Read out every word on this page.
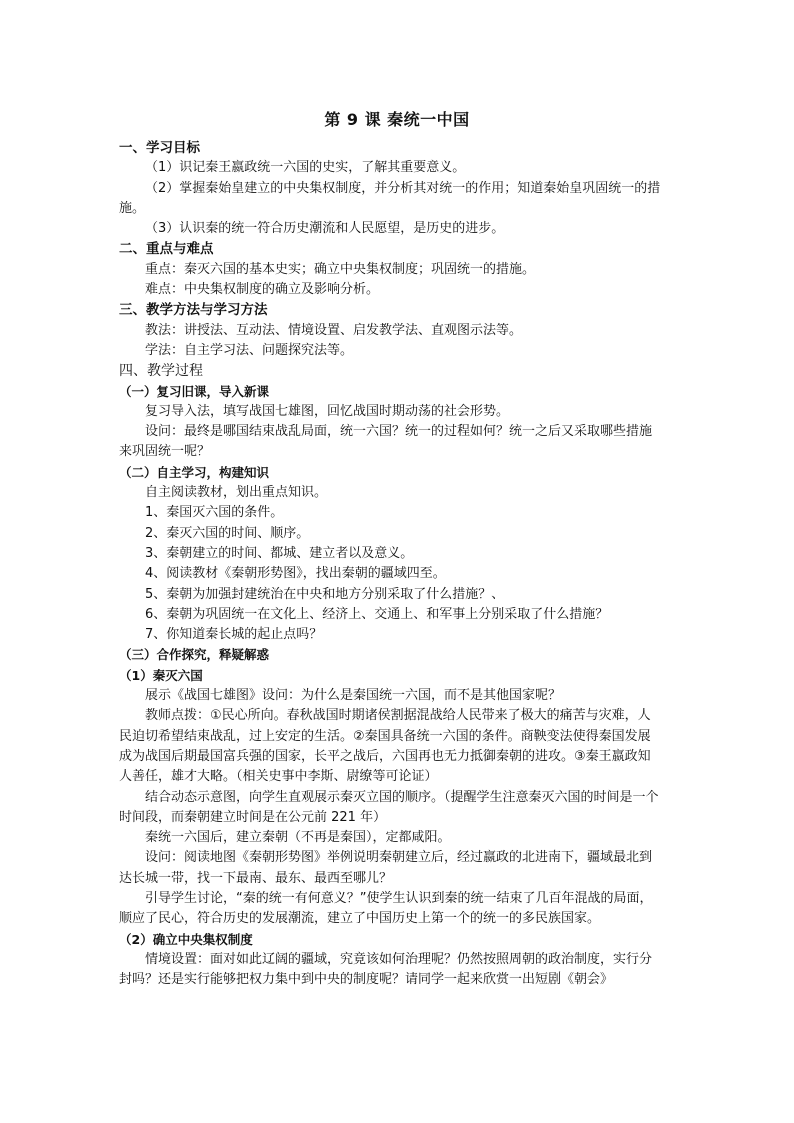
第 9 课 秦统一中国

一、学习目标

（1）识记秦王嬴政统一六国的史实，了解其重要意义。

（2）掌握秦始皇建立的中央集权制度，并分析其对统一的作用；知道秦始皇巩固统一的措施。

（3）认识秦的统一符合历史潮流和人民愿望，是历史的进步。

二、重点与难点

重点：秦灭六国的基本史实；确立中央集权制度；巩固统一的措施。

难点：中央集权制度的确立及影响分析。

三、教学方法与学习方法

教法：讲授法、互动法、情境设置、启发教学法、直观图示法等。

学法：自主学习法、问题探究法等。

四、教学过程

（一）复习旧课，导入新课

复习导入法，填写战国七雄图，回忆战国时期动荡的社会形势。

设问：最终是哪国结束战乱局面，统一六国？统一的过程如何？统一之后又采取哪些措施来巩固统一呢？

（二）自主学习，构建知识

自主阅读教材，划出重点知识。

1、秦国灭六国的条件。

2、秦灭六国的时间、顺序。

3、秦朝建立的时间、都城、建立者以及意义。

4、阅读教材《秦朝形势图》，找出秦朝的疆域四至。

5、秦朝为加强封建统治在中央和地方分别采取了什么措施？、

6、秦朝为巩固统一在文化上、经济上、交通上、和军事上分别采取了什么措施？

7、你知道秦长城的起止点吗？

（三）合作探究，释疑解惑

（1）秦灭六国

展示《战国七雄图》设问：为什么是秦国统一六国，而不是其他国家呢？

教师点拨：①民心所向。春秋战国时期诸侯割据混战给人民带来了极大的痛苦与灾难，人民迫切希望结束战乱，过上安定的生活。②秦国具备统一六国的条件。商鞅变法使得秦国发展成为战国后期最国富兵强的国家，长平之战后，六国再也无力抵御秦朝的进攻。③秦王嬴政知人善任，雄才大略。（相关史事中李斯、尉缭等可论证）

结合动态示意图，向学生直观展示秦灭立国的顺序。（提醒学生注意秦灭六国的时间是一个时间段，而秦朝建立时间是在公元前 221 年）

秦统一六国后，建立秦朝（不再是秦国），定都咸阳。

设问：阅读地图《秦朝形势图》举例说明秦朝建立后，经过嬴政的北进南下，疆域最北到达长城一带，找一下最南、最东、最西至哪儿？

引导学生讨论，“秦的统一有何意义？”使学生认识到秦的统一结束了几百年混战的局面，顺应了民心，符合历史的发展潮流，建立了中国历史上第一个的统一的多民族国家。

（2）确立中央集权制度

情境设置：面对如此辽阔的疆域，究竟该如何治理呢？仍然按照周朝的政治制度，实行分封吗？还是实行能够把权力集中到中央的制度呢？请同学一起来欣赏一出短剧《朝会》
